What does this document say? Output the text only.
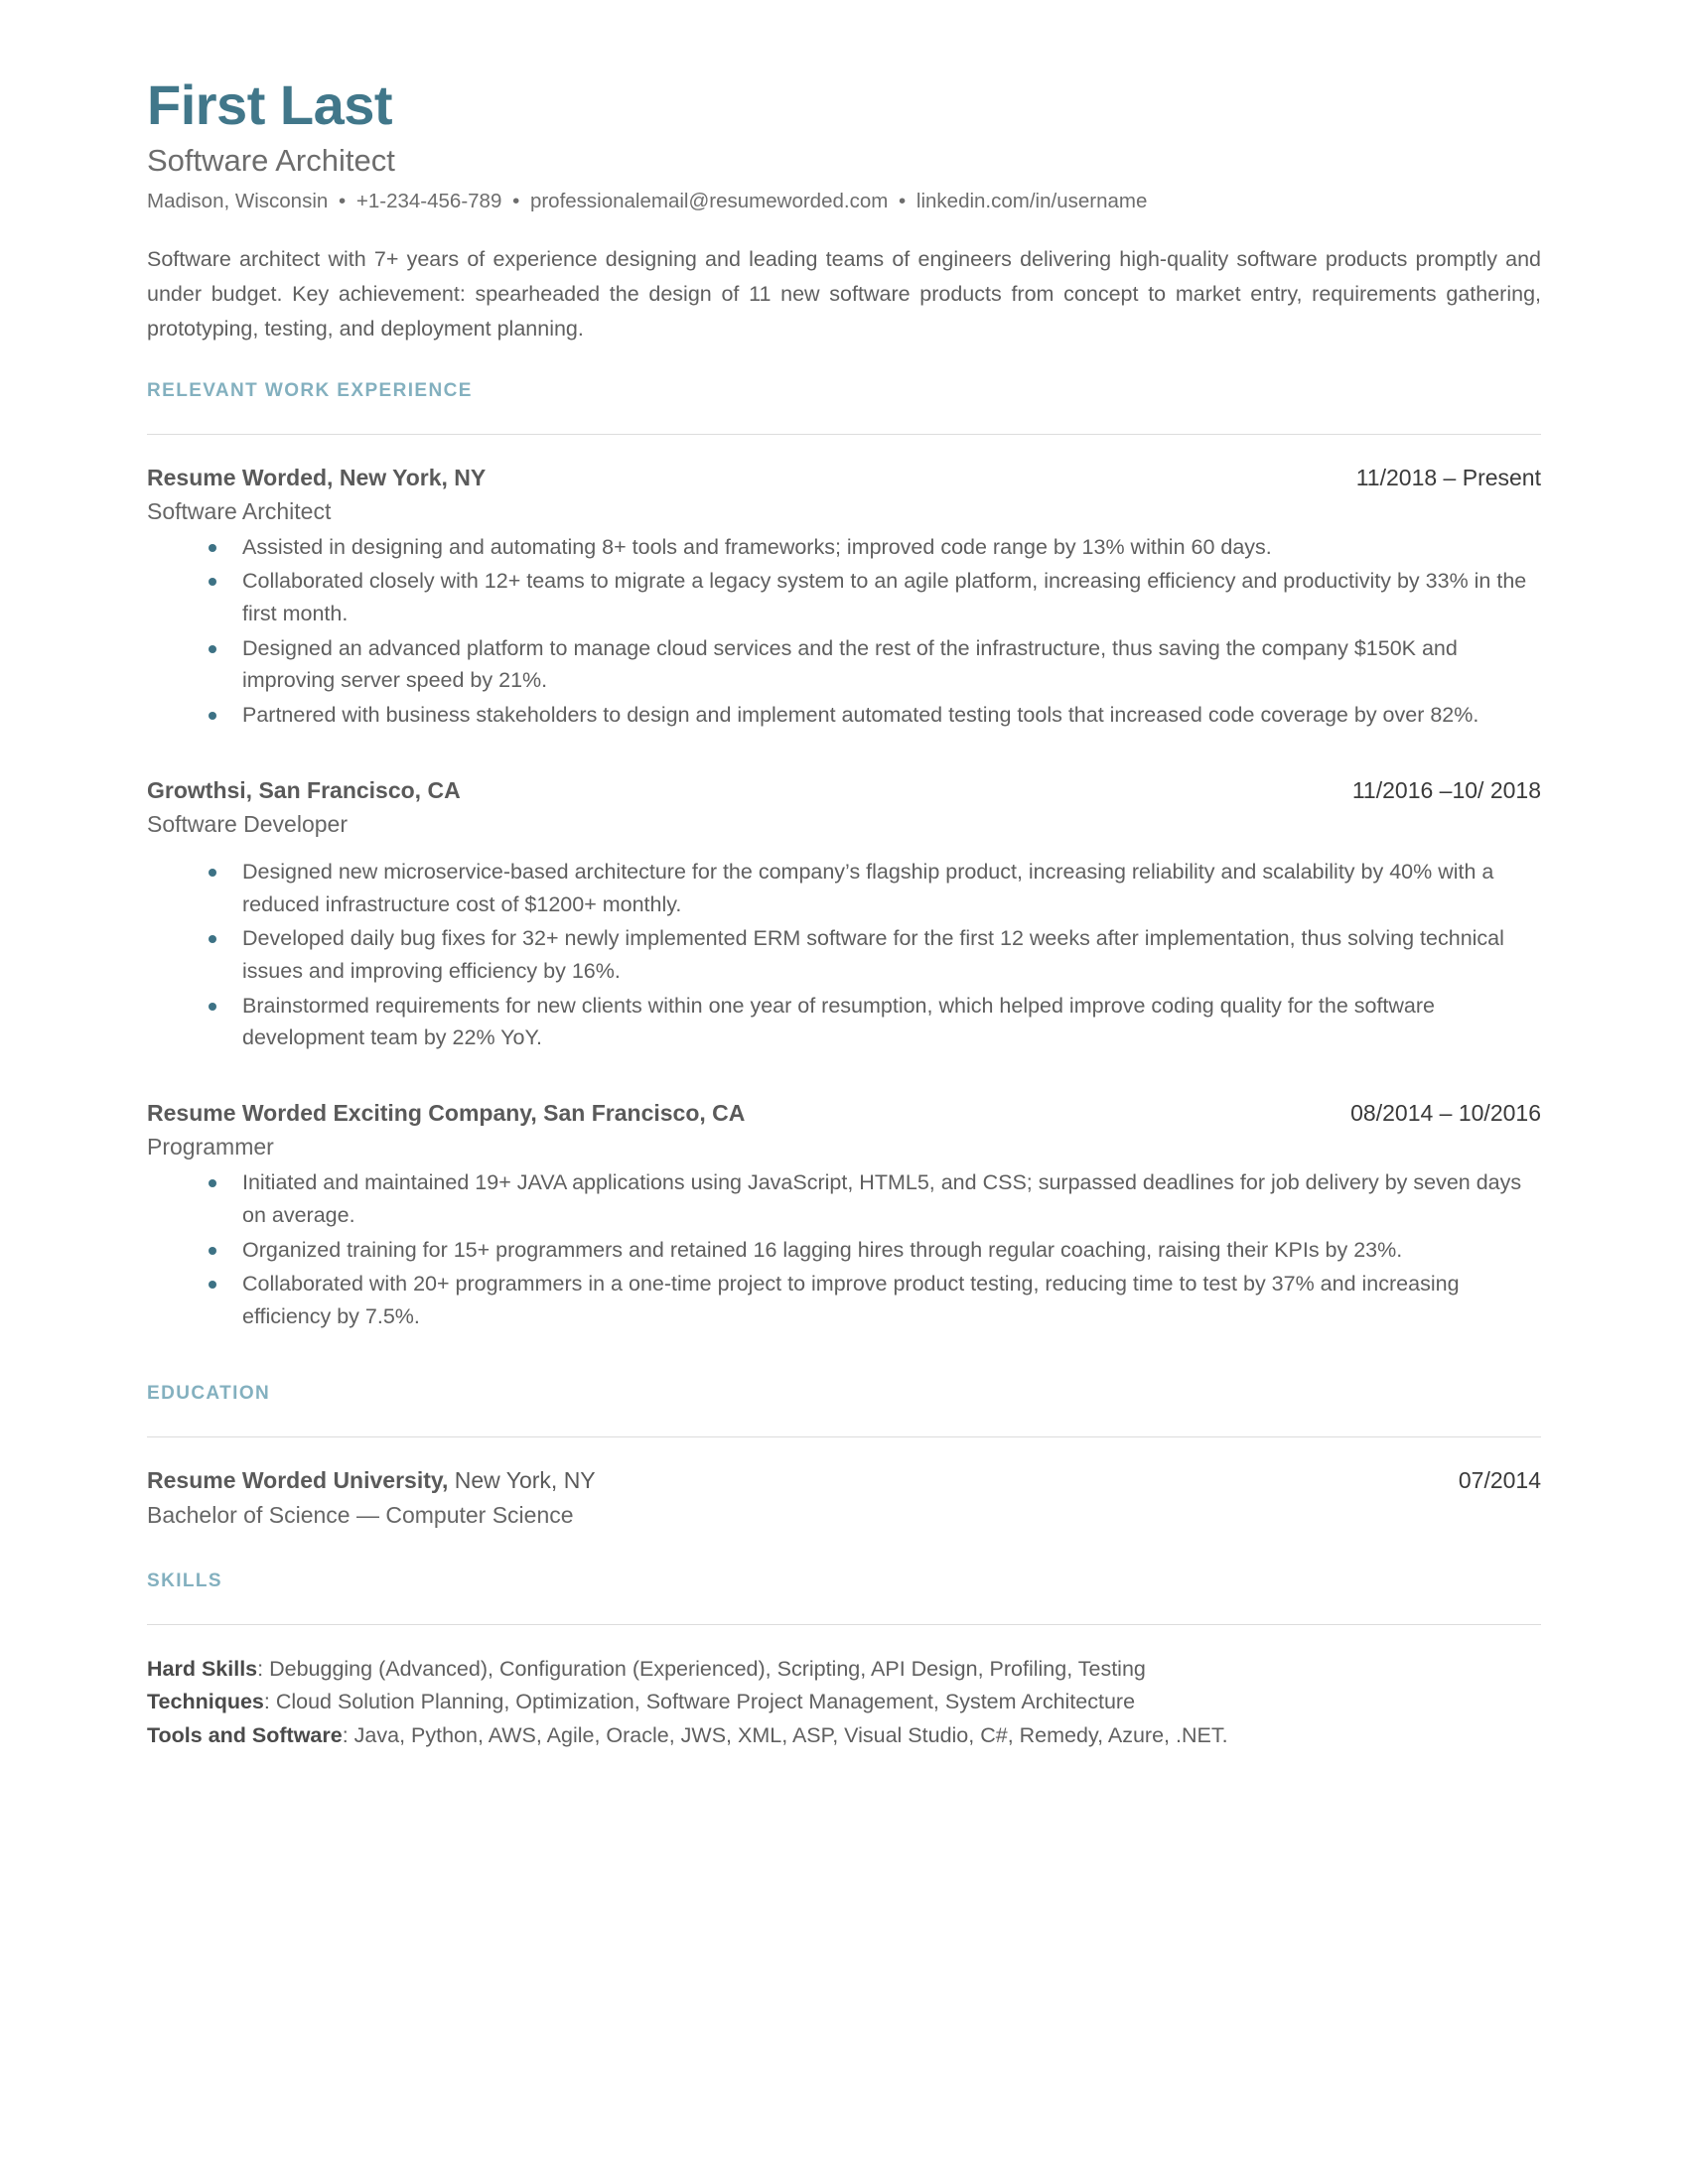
First Last
Software Architect
Madison, Wisconsin • +1-234-456-789 • professionalemail@resumeworded.com • linkedin.com/in/username

Software architect with 7+ years of experience designing and leading teams of engineers delivering high-quality software products promptly and under budget. Key achievement: spearheaded the design of 11 new software products from concept to market entry, requirements gathering, prototyping, testing, and deployment planning.

RELEVANT WORK EXPERIENCE
Resume Worded, New York, NY	11/2018 – Present
Software Architect
Assisted in designing and automating 8+ tools and frameworks; improved code range by 13% within 60 days.
Collaborated closely with 12+ teams to migrate a legacy system to an agile platform, increasing efficiency and productivity by 33% in the first month.
Designed an advanced platform to manage cloud services and the rest of the infrastructure, thus saving the company $150K and improving server speed by 21%.
Partnered with business stakeholders to design and implement automated testing tools that increased code coverage by over 82%.
Growthsi, San Francisco, CA	11/2016 –10/ 2018
Software Developer
Designed new microservice-based architecture for the company’s flagship product, increasing reliability and scalability by 40% with a reduced infrastructure cost of $1200+ monthly.
Developed daily bug fixes for 32+ newly implemented ERM software for the first 12 weeks after implementation, thus solving technical issues and improving efficiency by 16%.
Brainstormed requirements for new clients within one year of resumption, which helped improve coding quality for the software development team by 22% YoY.
Resume Worded Exciting Company, San Francisco, CA	08/2014 – 10/2016
Programmer
Initiated and maintained 19+ JAVA applications using JavaScript, HTML5, and CSS; surpassed deadlines for job delivery by seven days on average.
Organized training for 15+ programmers and retained 16 lagging hires through regular coaching, raising their KPIs by 23%.
Collaborated with 20+ programmers in a one-time project to improve product testing, reducing time to test by 37% and increasing efficiency by 7.5%.
EDUCATION
Resume Worded University, New York, NY	07/2014
Bachelor of Science — Computer Science
SKILLS
Hard Skills: Debugging (Advanced), Configuration (Experienced), Scripting, API Design, Profiling, Testing
Techniques: Cloud Solution Planning, Optimization, Software Project Management, System Architecture
Tools and Software: Java, Python, AWS, Agile, Oracle, JWS, XML, ASP, Visual Studio, C#, Remedy, Azure, .NET.
